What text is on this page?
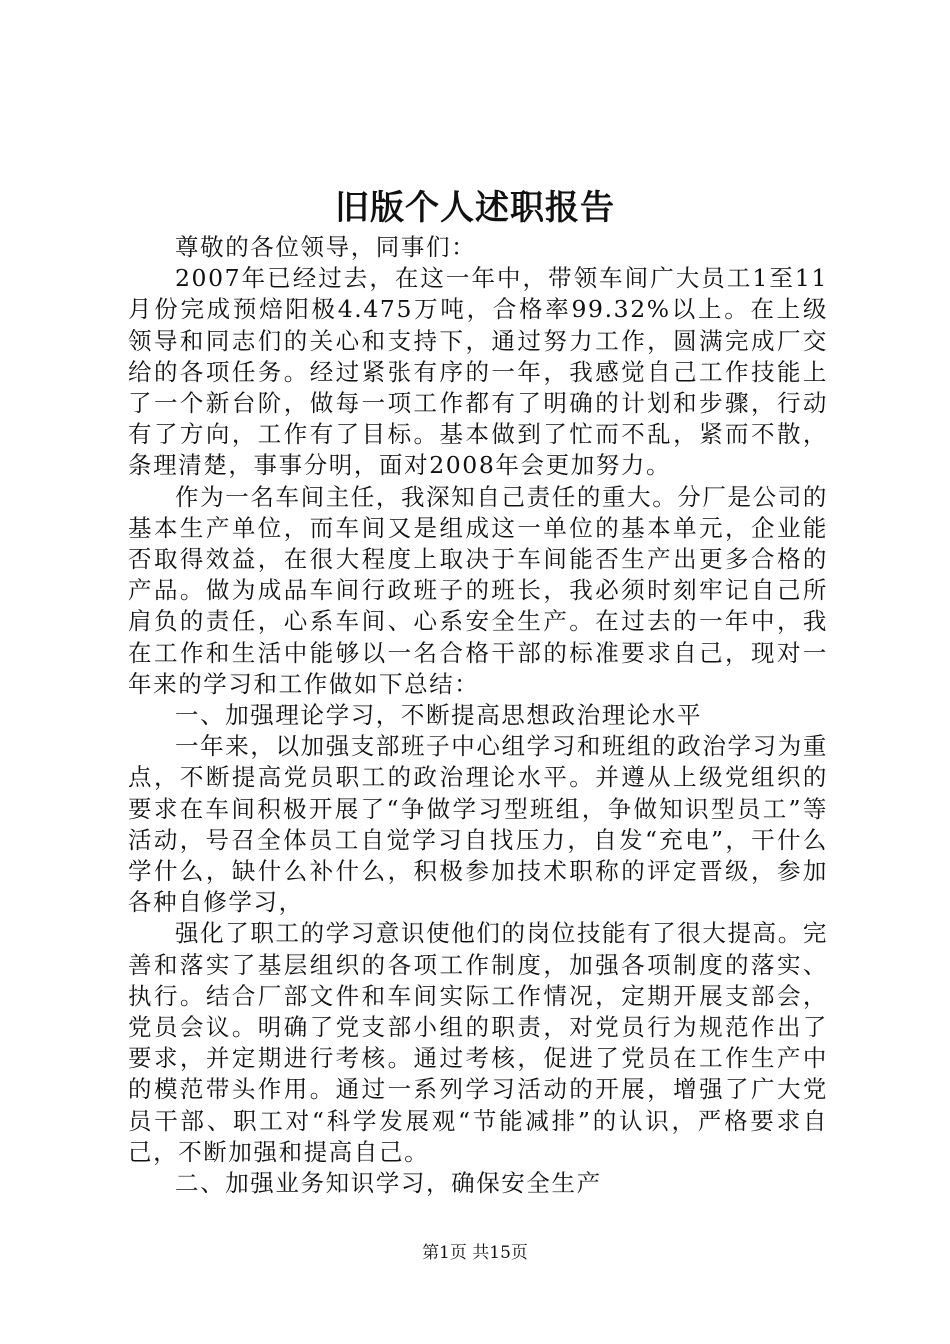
旧版个人述职报告

尊敬的各位领导，同事们：

2007年已经过去，在这一年中，带领车间广大员工1至11月份完成预焙阳极4.475万吨，合格率99.32%以上。在上级领导和同志们的关心和支持下，通过努力工作，圆满完成厂交给的各项任务。经过紧张有序的一年，我感觉自己工作技能上了一个新台阶，做每一项工作都有了明确的计划和步骤，行动有了方向，工作有了目标。基本做到了忙而不乱，紧而不散，条理清楚，事事分明，面对2008年会更加努力。

作为一名车间主任，我深知自己责任的重大。分厂是公司的基本生产单位，而车间又是组成这一单位的基本单元，企业能否取得效益，在很大程度上取决于车间能否生产出更多合格的产品。做为成品车间行政班子的班长，我必须时刻牢记自己所肩负的责任，心系车间、心系安全生产。在过去的一年中，我在工作和生活中能够以一名合格干部的标准要求自己，现对一年来的学习和工作做如下总结：

一、加强理论学习，不断提高思想政治理论水平

一年来，以加强支部班子中心组学习和班组的政治学习为重点，不断提高党员职工的政治理论水平。并遵从上级党组织的要求在车间积极开展了“争做学习型班组，争做知识型员工”等活动，号召全体员工自觉学习自找压力，自发“充电”，干什么学什么，缺什么补什么，积极参加技术职称的评定晋级，参加各种自修学习，

强化了职工的学习意识使他们的岗位技能有了很大提高。完善和落实了基层组织的各项工作制度，加强各项制度的落实、执行。结合厂部文件和车间实际工作情况，定期开展支部会，党员会议。明确了党支部小组的职责，对党员行为规范作出了要求，并定期进行考核。通过考核，促进了党员在工作生产中的模范带头作用。通过一系列学习活动的开展，增强了广大党员干部、职工对“科学发展观“节能减排”的认识，严格要求自己，不断加强和提高自己。

二、加强业务知识学习，确保安全生产

第1页 共15页
